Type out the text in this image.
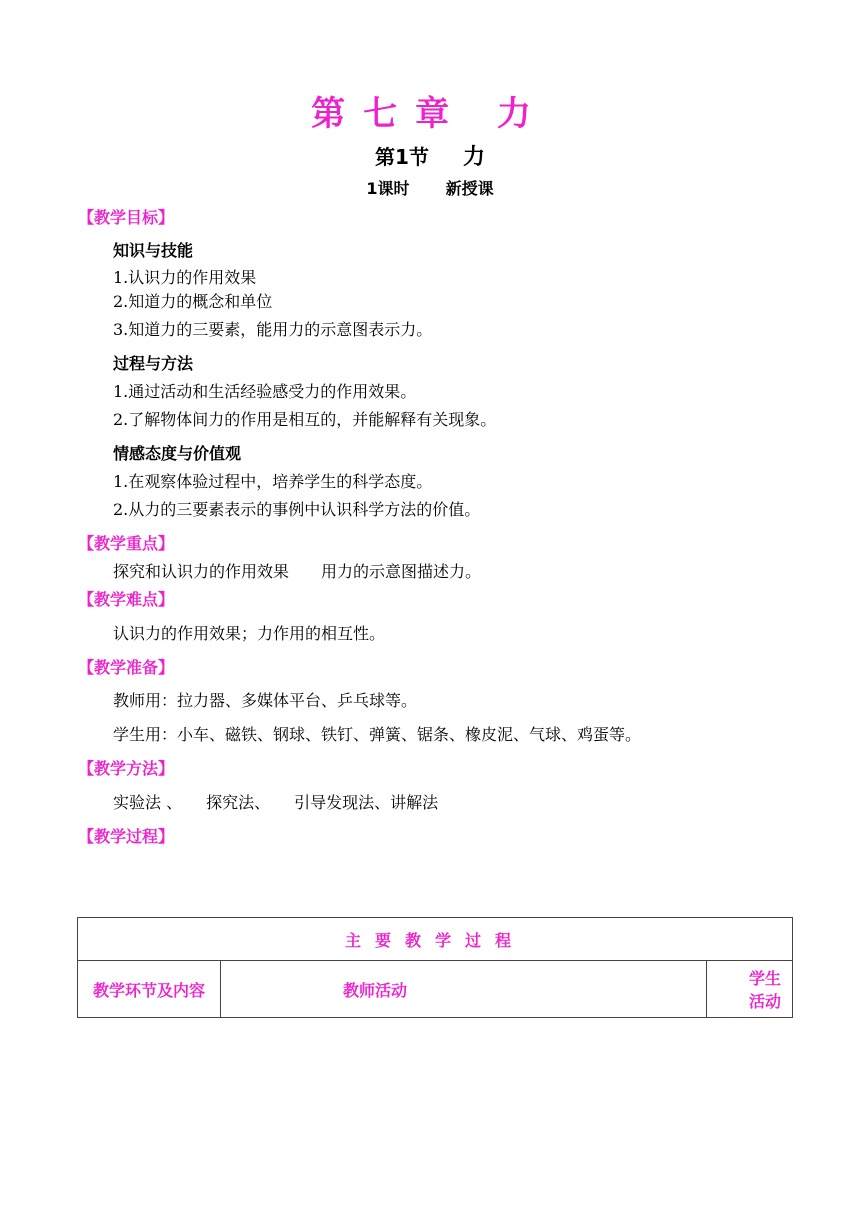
第七章 力
第1节 力
1课时 新授课
【教学目标】
知识与技能
1.认识力的作用效果
2.知道力的概念和单位
3.知道力的三要素，能用力的示意图表示力。
过程与方法
1.通过活动和生活经验感受力的作用效果。
2.了解物体间力的作用是相互的，并能解释有关现象。
情感态度与价值观
1.在观察体验过程中，培养学生的科学态度。
2.从力的三要素表示的事例中认识科学方法的价值。
【教学重点】
探究和认识力的作用效果　　用力的示意图描述力。
【教学难点】
认识力的作用效果；力作用的相互性。
【教学准备】
教师用：拉力器、多媒体平台、乒乓球等。
学生用：小车、磁铁、钢球、铁钉、弹簧、锯条、橡皮泥、气球、鸡蛋等。
【教学方法】
实验法 、　　探究法、　　引导发现法、讲解法
【教学过程】
主要教学过程
教学环节及内容	教师活动	学生活动
